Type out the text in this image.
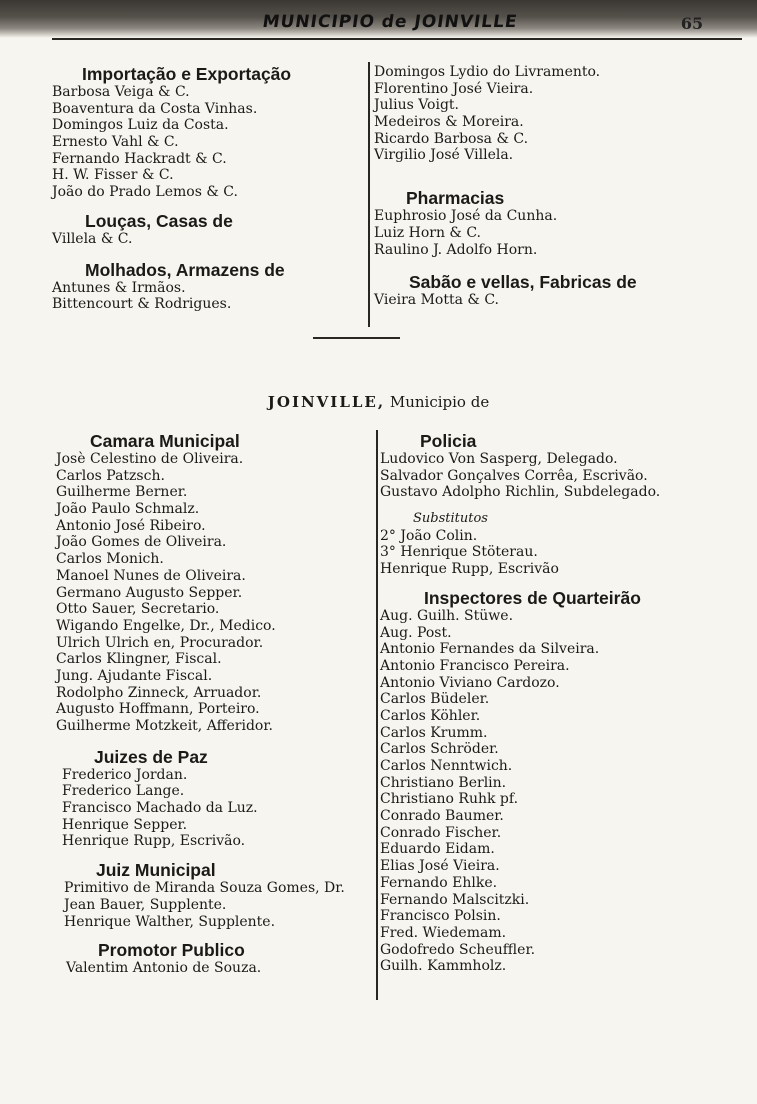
MUNICIPIO de JOINVILLE	65
Importação e Exportação
Barbosa Veiga & C.
Boaventura da Costa Vinhas.
Domingos Luiz da Costa.
Ernesto Vahl & C.
Fernando Hackradt & C.
H. W. Fisser & C.
João do Prado Lemos & C.
Louças, Casas de
Villela & C.
Molhados, Armazens de
Antunes & Irmãos.
Bittencourt & Rodrigues.
Domingos Lydio do Livramento.
Florentino José Vieira.
Julius Voigt.
Medeiros & Moreira.
Ricardo Barbosa & C.
Virgilio José Villela.
Pharmacias
Euphrosio José da Cunha.
Luiz Horn & C.
Raulino J. Adolfo Horn.
Sabão e vellas, Fabricas de
Vieira Motta & C.
JOINVILLE, Municipio de
Camara Municipal
Josè Celestino de Oliveira.
Carlos Patzsch.
Guilherme Berner.
João Paulo Schmalz.
Antonio José Ribeiro.
João Gomes de Oliveira.
Carlos Monich.
Manoel Nunes de Oliveira.
Germano Augusto Sepper.
Otto Sauer, Secretario.
Wigando Engelke, Dr., Medico.
Ulrich Ulrich en, Procurador.
Carlos Klingner, Fiscal.
Jung. Ajudante Fiscal.
Rodolpho Zinneck, Arruador.
Augusto Hoffmann, Porteiro.
Guilherme Motzkeit, Afferidor.
Juizes de Paz
Frederico Jordan.
Frederico Lange.
Francisco Machado da Luz.
Henrique Sepper.
Henrique Rupp, Escrivão.
Juiz Municipal
Primitivo de Miranda Souza Gomes, Dr.
Jean Bauer, Supplente.
Henrique Walther, Supplente.
Promotor Publico
Valentim Antonio de Souza.
Policia
Ludovico Von Sasperg, Delegado.
Salvador Gonçalves Corrêa, Escrivão.
Gustavo Adolpho Richlin, Subdelegado.
Substitutos
2° João Colin.
3° Henrique Stöterau.
Henrique Rupp, Escrivão
Inspectores de Quarteirão
Aug. Guilh. Stüwe.
Aug. Post.
Antonio Fernandes da Silveira.
Antonio Francisco Pereira.
Antonio Viviano Cardozo.
Carlos Büdeler.
Carlos Köhler.
Carlos Krumm.
Carlos Schröder.
Carlos Nenntwich.
Christiano Berlin.
Christiano Ruhk pf.
Conrado Baumer.
Conrado Fischer.
Eduardo Eidam.
Elias José Vieira.
Fernando Ehlke.
Fernando Malscitzki.
Francisco Polsin.
Fred. Wiedemam.
Godofredo Scheuffler.
Guilh. Kammholz.
